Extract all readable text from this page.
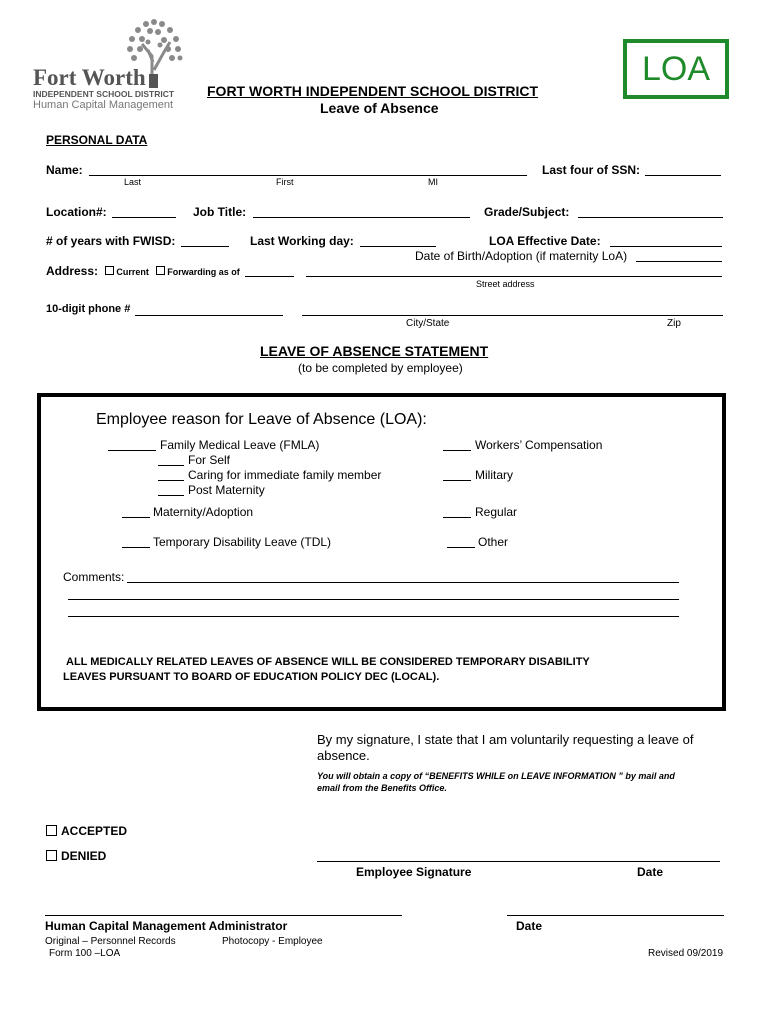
Fort Worth
INDEPENDENT SCHOOL DISTRICT
Human Capital Management
LOA
FORT WORTH INDEPENDENT SCHOOL DISTRICT
Leave of Absence
PERSONAL DATA
Name:
Last	First	MI
Last four of SSN:
Location#:	Job Title:	Grade/Subject:
# of years with FWISD:	Last Working day:	LOA Effective Date:
Date of Birth/Adoption (if maternity LoA)
Address: Current Forwarding as of
Street address
10-digit phone #
City/State	Zip
LEAVE OF ABSENCE STATEMENT
(to be completed by employee)
Employee reason for Leave of Absence (LOA):
Family Medical Leave (FMLA)
For Self
Caring for immediate family member
Post Maternity
Maternity/Adoption
Temporary Disability Leave (TDL)
Workers’ Compensation
Military
Regular
Other
Comments:
ALL MEDICALLY RELATED LEAVES OF ABSENCE WILL BE CONSIDERED TEMPORARY DISABILITY
LEAVES PURSUANT TO BOARD OF EDUCATION POLICY DEC (LOCAL).
By my signature, I state that I am voluntarily requesting a leave of
absence.
You will obtain a copy of “BENEFITS WHILE on LEAVE INFORMATION ” by mail and
email from the Benefits Office.
ACCEPTED
DENIED
Employee Signature	Date
Human Capital Management Administrator	Date
Original – Personnel Records	Photocopy - Employee
Form 100 –LOA	Revised 09/2019
